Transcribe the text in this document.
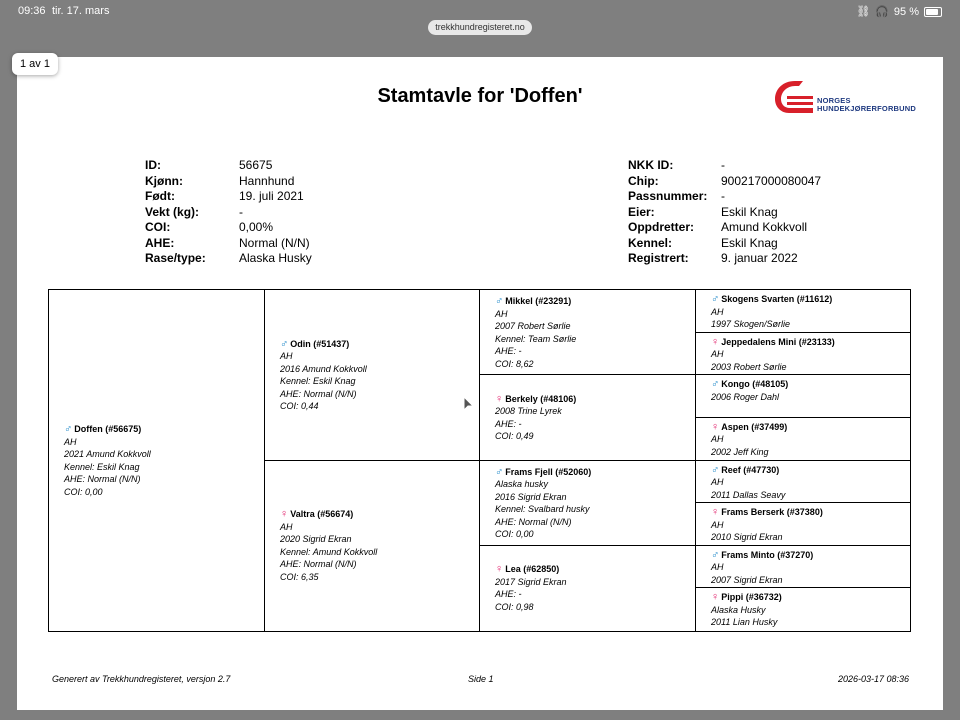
09:36 tir. 17. mars	⛓ 🎧 95 %
trekkhundregisteret.no
1 av 1
Stamtavle for 'Doffen'	NORGES
HUNDEKJØRERFORBUND
ID:	56675
Kjønn:	Hannhund
Født:	19. juli 2021
Vekt (kg):	-
COI:	0,00%
AHE:	Normal (N/N)
Rase/type:	Alaska Husky
NKK ID:	-
Chip:	900217000080047
Passnummer: -
Eier:	Eskil Knag
Oppdretter: Amund Kokkvoll
Kennel:	Eskil Knag
Registrert:	9. januar 2022
♂ Doffen (#56675)
AH
2021 Amund Kokkvoll
Kennel: Eskil Knag
AHE: Normal (N/N)
COI: 0,00
♂ Odin (#51437)
AH
2016 Amund Kokkvoll
Kennel: Eskil Knag
AHE: Normal (N/N)
COI: 0,44
♀ Valtra (#56674)
AH
2020 Sigrid Ekran
Kennel: Amund Kokkvoll
AHE: Normal (N/N)
COI: 6,35
♂ Mikkel (#23291)
AH
2007 Robert Sørlie
Kennel: Team Sørlie
AHE: -
COI: 8,62
♀ Berkely (#48106)
2008 Trine Lyrek
AHE: -
COI: 0,49
♂ Frams Fjell (#52060)
Alaska husky
2016 Sigrid Ekran
Kennel: Svalbard husky
AHE: Normal (N/N)
COI: 0,00
♀ Lea (#62850)
2017 Sigrid Ekran
AHE: -
COI: 0,98
♂ Skogens Svarten (#11612)
AH
1997 Skogen/Sørlie
♀ Jeppedalens Mini (#23133)
AH
2003 Robert Sørlie
♂ Kongo (#48105)
2006 Roger Dahl
♀ Aspen (#37499)
AH
2002 Jeff King
♂ Reef (#47730)
AH
2011 Dallas Seavy
♀ Frams Berserk (#37380)
AH
2010 Sigrid Ekran
♂ Frams Minto (#37270)
AH
2007 Sigrid Ekran
♀ Pippi (#36732)
Alaska Husky
2011 Lian Husky
Generert av Trekkhundregisteret, versjon 2.7	Side 1	2026-03-17 08:36
